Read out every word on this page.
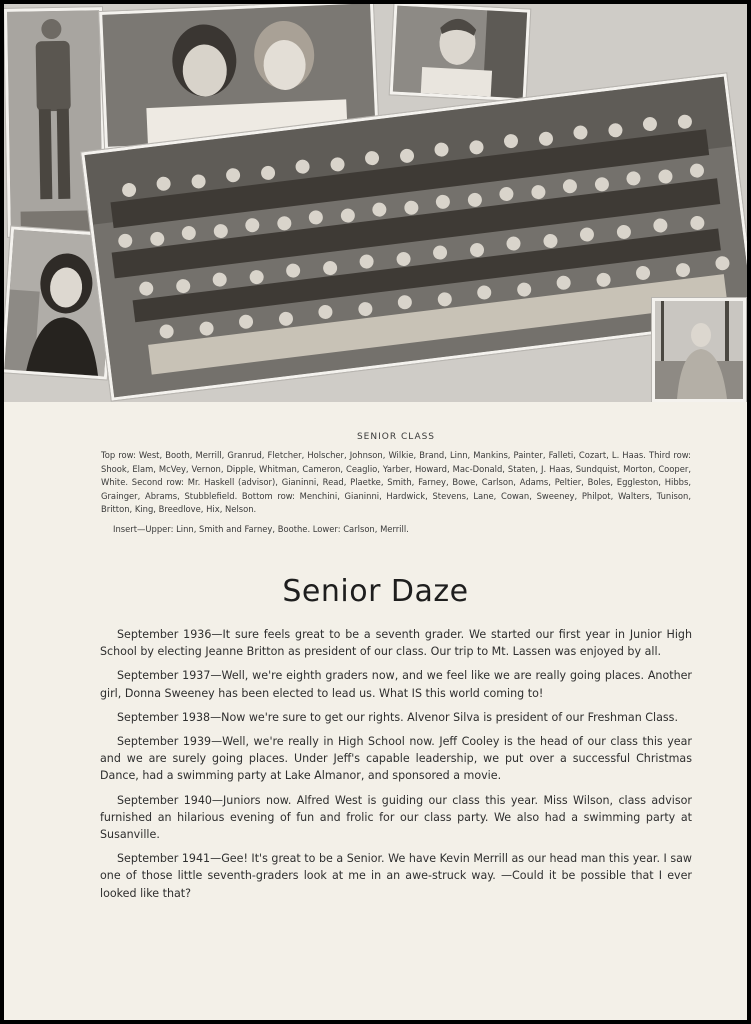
SENIOR CLASS

Top row: West, Booth, Merrill, Granrud, Fletcher, Holscher, Johnson, Wilkie, Brand, Linn, Mankins, Painter, Falleti, Cozart, L. Haas. Third row: Shook, Elam, McVey, Vernon, Dipple, Whitman, Cameron, Ceaglio, Yarber, Howard, Mac-Donald, Staten, J. Haas, Sundquist, Morton, Cooper, White. Second row: Mr. Haskell (advisor), Gianinni, Read, Plaetke, Smith, Farney, Bowe, Carlson, Adams, Peltier, Boles, Eggleston, Hibbs, Grainger, Abrams, Stubblefield. Bottom row: Menchini, Gianinni, Hardwick, Stevens, Lane, Cowan, Sweeney, Philpot, Walters, Tunison, Britton, King, Breedlove, Hix, Nelson.

Insert—Upper: Linn, Smith and Farney, Boothe. Lower: Carlson, Merrill.
Senior Daze

September 1936—It sure feels great to be a seventh grader. We started our first year in Junior High School by electing Jeanne Britton as president of our class. Our trip to Mt. Lassen was enjoyed by all.

September 1937—Well, we're eighth graders now, and we feel like we are really going places. Another girl, Donna Sweeney has been elected to lead us. What IS this world coming to!

September 1938—Now we're sure to get our rights. Alvenor Silva is president of our Freshman Class.

September 1939—Well, we're really in High School now. Jeff Cooley is the head of our class this year and we are surely going places. Under Jeff's capable leadership, we put over a successful Christmas Dance, had a swimming party at Lake Almanor, and sponsored a movie.

September 1940—Juniors now. Alfred West is guiding our class this year. Miss Wilson, class advisor furnished an hilarious evening of fun and frolic for our class party. We also had a swimming party at Susanville.

September 1941—Gee! It's great to be a Senior. We have Kevin Merrill as our head man this year. I saw one of those little seventh-graders look at me in an awe-struck way. —Could it be possible that I ever looked like that?
